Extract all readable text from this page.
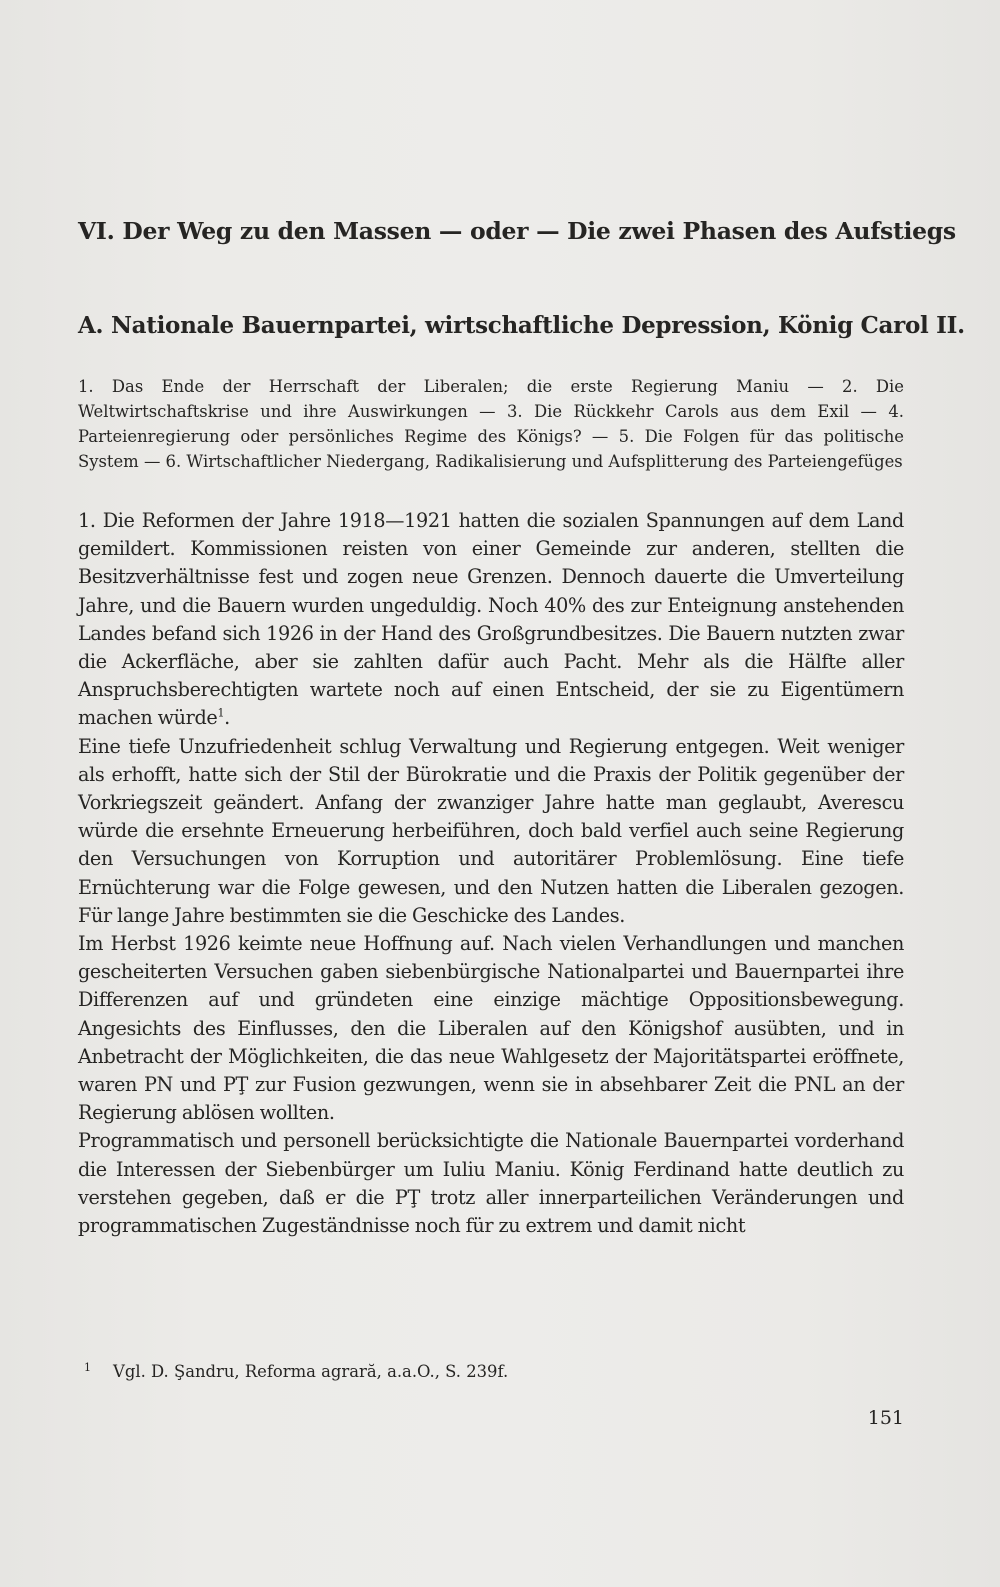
VI. Der Weg zu den Massen — oder — Die zwei Phasen des Aufstiegs
A. Nationale Bauernpartei, wirtschaftliche Depression, König Carol II.

1. Das Ende der Herrschaft der Liberalen; die erste Regierung Maniu — 2. Die Weltwirtschaftskrise und ihre Auswirkungen — 3. Die Rückkehr Carols aus dem Exil — 4. Parteienregierung oder persönliches Regime des Königs? — 5. Die Folgen für das politische System — 6. Wirtschaftlicher Niedergang, Radikalisierung und Aufsplitterung des Parteiengefüges

1. Die Reformen der Jahre 1918—1921 hatten die sozialen Spannungen auf dem Land gemildert. Kommissionen reisten von einer Gemeinde zur anderen, stellten die Besitzverhältnisse fest und zogen neue Grenzen. Dennoch dauerte die Umverteilung Jahre, und die Bauern wurden ungeduldig. Noch 40% des zur Enteignung anstehenden Landes befand sich 1926 in der Hand des Großgrundbesitzes. Die Bauern nutzten zwar die Ackerfläche, aber sie zahlten dafür auch Pacht. Mehr als die Hälfte aller Anspruchsberechtigten wartete noch auf einen Entscheid, der sie zu Eigentümern machen würde$^1$.

Eine tiefe Unzufriedenheit schlug Verwaltung und Regierung entgegen. Weit weniger als erhofft, hatte sich der Stil der Bürokratie und die Praxis der Politik gegenüber der Vorkriegszeit geändert. Anfang der zwanziger Jahre hatte man geglaubt, Averescu würde die ersehnte Erneuerung herbeiführen, doch bald verfiel auch seine Regierung den Versuchungen von Korruption und autoritärer Problemlösung. Eine tiefe Ernüchterung war die Folge gewesen, und den Nutzen hatten die Liberalen gezogen. Für lange Jahre bestimmten sie die Geschicke des Landes.

Im Herbst 1926 keimte neue Hoffnung auf. Nach vielen Verhandlungen und manchen gescheiterten Versuchen gaben siebenbürgische Nationalpartei und Bauernpartei ihre Differenzen auf und gründeten eine einzige mächtige Oppositionsbewegung. Angesichts des Einflusses, den die Liberalen auf den Königshof ausübten, und in Anbetracht der Möglichkeiten, die das neue Wahlgesetz der Majoritätspartei eröffnete, waren PN und PŢ zur Fusion gezwungen, wenn sie in absehbarer Zeit die PNL an der Regierung ablösen wollten.

Programmatisch und personell berücksichtigte die Nationale Bauernpartei vorderhand die Interessen der Siebenbürger um Iuliu Maniu. König Ferdinand hatte deutlich zu verstehen gegeben, daß er die PŢ trotz aller innerparteilichen Veränderungen und programmatischen Zugeständnisse noch für zu extrem und damit nicht

$^1$ Vgl. D. Şandru, Reforma agrară, a.a.O., S. 239f.

151
